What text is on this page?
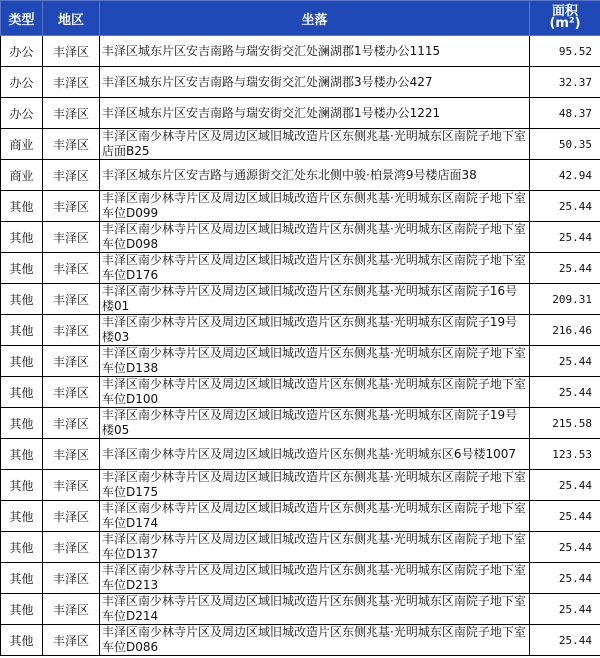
类型	地区	坐落	面积
(m²)
办公	丰泽区	丰泽区城东片区安吉南路与瑞安街交汇处澜湖郡1号楼办公1115	95.52
办公	丰泽区	丰泽区城东片区安吉南路与瑞安街交汇处澜湖郡3号楼办公427	32.37
办公	丰泽区	丰泽区城东片区安吉南路与瑞安街交汇处澜湖郡1号楼办公1221	48.37
商业	丰泽区	丰泽区南少林寺片区及周边区域旧城改造片区东侧兆基·光明城东区南院子地下室店面B25	50.35
商业	丰泽区	丰泽区城东片区安吉路与通源街交汇处东北侧中骏·柏景湾9号楼店面38	42.94
其他	丰泽区	丰泽区南少林寺片区及周边区域旧城改造片区东侧兆基·光明城东区南院子地下室车位D099	25.44
其他	丰泽区	丰泽区南少林寺片区及周边区域旧城改造片区东侧兆基·光明城东区南院子地下室车位D098	25.44
其他	丰泽区	丰泽区南少林寺片区及周边区域旧城改造片区东侧兆基·光明城东区南院子地下室车位D176	25.44
其他	丰泽区	丰泽区南少林寺片区及周边区域旧城改造片区东侧兆基·光明城东区南院子16号楼01	209.31
其他	丰泽区	丰泽区南少林寺片区及周边区域旧城改造片区东侧兆基·光明城东区南院子19号楼03	216.46
其他	丰泽区	丰泽区南少林寺片区及周边区域旧城改造片区东侧兆基·光明城东区南院子地下室车位D138	25.44
其他	丰泽区	丰泽区南少林寺片区及周边区域旧城改造片区东侧兆基·光明城东区南院子地下室车位D100	25.44
其他	丰泽区	丰泽区南少林寺片区及周边区域旧城改造片区东侧兆基·光明城东区南院子19号楼05	215.58
其他	丰泽区	丰泽区南少林寺片区及周边区域旧城改造片区东侧兆基·光明城东区6号楼1007	123.53
其他	丰泽区	丰泽区南少林寺片区及周边区域旧城改造片区东侧兆基·光明城东区南院子地下室车位D175	25.44
其他	丰泽区	丰泽区南少林寺片区及周边区域旧城改造片区东侧兆基·光明城东区南院子地下室车位D174	25.44
其他	丰泽区	丰泽区南少林寺片区及周边区域旧城改造片区东侧兆基·光明城东区南院子地下室车位D137	25.44
其他	丰泽区	丰泽区南少林寺片区及周边区域旧城改造片区东侧兆基·光明城东区南院子地下室车位D213	25.44
其他	丰泽区	丰泽区南少林寺片区及周边区域旧城改造片区东侧兆基·光明城东区南院子地下室车位D214	25.44
其他	丰泽区	丰泽区南少林寺片区及周边区域旧城改造片区东侧兆基·光明城东区南院子地下室车位D086	25.44
